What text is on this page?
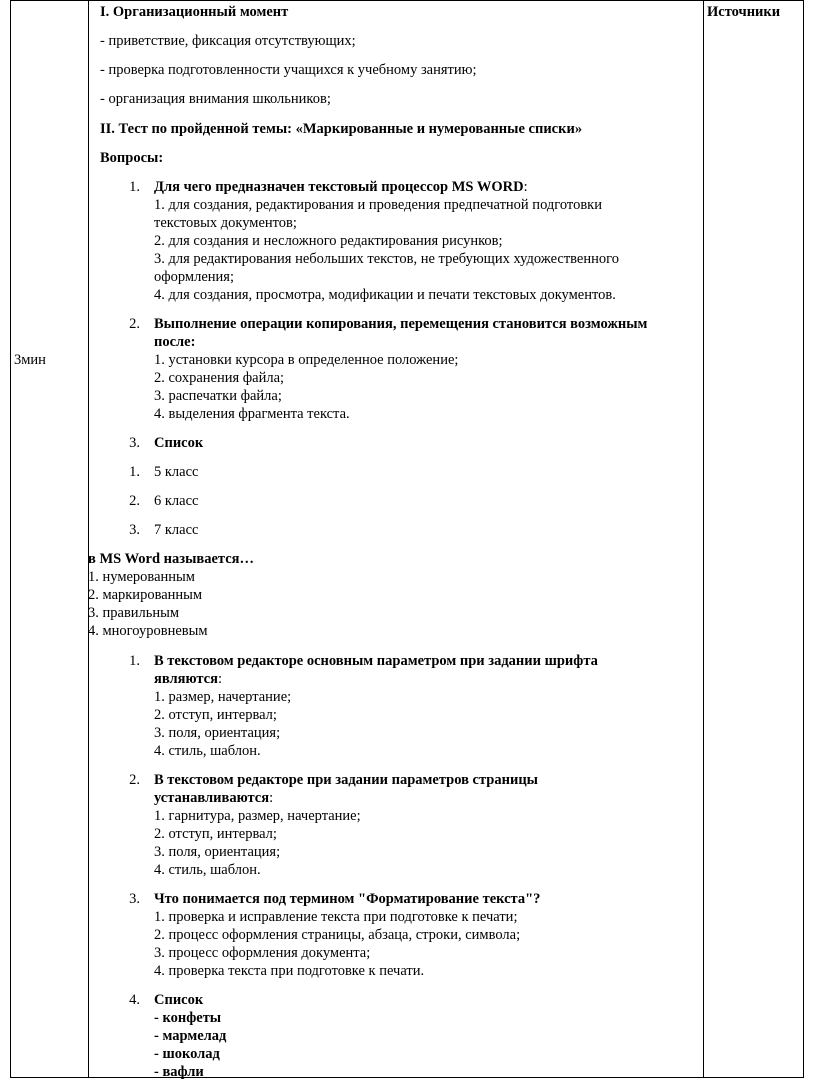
3мин
Источники
I. Организационный момент
- приветствие, фиксация отсутствующих;
- проверка подготовленности учащихся к учебному занятию;
- организация внимания школьников;
II. Тест по пройденной темы: «Маркированные и нумерованные списки»
Вопросы:
1. Для чего предназначен текстовый процессор MS WORD:
1. для создания, редактирования и проведения предпечатной подготовки
текстовых документов;
2. для создания и несложного редактирования рисунков;
3. для редактирования небольших текстов, не требующих художественного
оформления;
4. для создания, просмотра, модификации и печати текстовых документов.
2. Выполнение операции копирования, перемещения становится возможным
после:
1. установки курсора в определенное положение;
2. сохранения файла;
3. распечатки файла;
4. выделения фрагмента текста.
3. Список
1. 5 класс
2. 6 класс
3. 7 класс
в MS Word называется…
1. нумерованным
2. маркированным
3. правильным
4. многоуровневым
1. В текстовом редакторе основным параметром при задании шрифта
являются:
1. размер, начертание;
2. отступ, интервал;
3. поля, ориентация;
4. стиль, шаблон.
2. В текстовом редакторе при задании параметров страницы
устанавливаются:
1. гарнитура, размер, начертание;
2. отступ, интервал;
3. поля, ориентация;
4. стиль, шаблон.
3. Что понимается под термином "Форматирование текста"?
1. проверка и исправление текста при подготовке к печати;
2. процесс оформления страницы, абзаца, строки, символа;
3. процесс оформления документа;
4. проверка текста при подготовке к печати.
4. Список
- конфеты
- мармелад
- шоколад
- вафли
